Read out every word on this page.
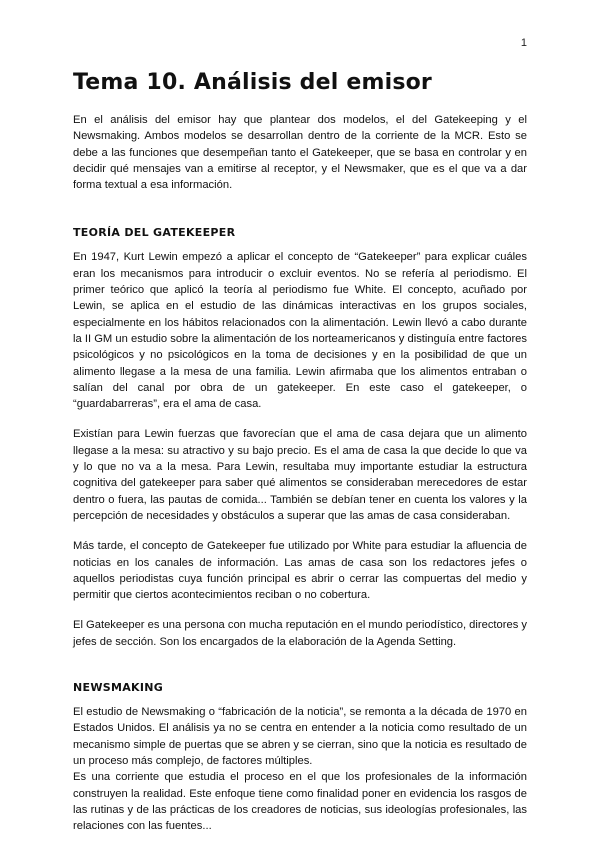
1
Tema 10. Análisis del emisor

En el análisis del emisor hay que plantear dos modelos, el del Gatekeeping y el Newsmaking. Ambos modelos se desarrollan dentro de la corriente de la MCR. Esto se debe a las funciones que desempeñan tanto el Gatekeeper, que se basa en controlar y en decidir qué mensajes van a emitirse al receptor, y el Newsmaker, que es el que va a dar forma textual a esa información.

TEORÍA DEL GATEKEEPER

En 1947, Kurt Lewin empezó a aplicar el concepto de “Gatekeeper” para explicar cuáles eran los mecanismos para introducir o excluir eventos. No se refería al periodismo. El primer teórico que aplicó la teoría al periodismo fue White. El concepto, acuñado por Lewin, se aplica en el estudio de las dinámicas interactivas en los grupos sociales, especialmente en los hábitos relacionados con la alimentación. Lewin llevó a cabo durante la II GM un estudio sobre la alimentación de los norteamericanos y distinguía entre factores psicológicos y no psicológicos en la toma de decisiones y en la posibilidad de que un alimento llegase a la mesa de una familia. Lewin afirmaba que los alimentos entraban o salían del canal por obra de un gatekeeper. En este caso el gatekeeper, o “guardabarreras”, era el ama de casa.

Existían para Lewin fuerzas que favorecían que el ama de casa dejara que un alimento llegase a la mesa: su atractivo y su bajo precio. Es el ama de casa la que decide lo que va y lo que no va a la mesa. Para Lewin, resultaba muy importante estudiar la estructura cognitiva del gatekeeper para saber qué alimentos se consideraban merecedores de estar dentro o fuera, las pautas de comida... También se debían tener en cuenta los valores y la percepción de necesidades y obstáculos a superar que las amas de casa consideraban.

Más tarde, el concepto de Gatekeeper fue utilizado por White para estudiar la afluencia de noticias en los canales de información. Las amas de casa son los redactores jefes o aquellos periodistas cuya función principal es abrir o cerrar las compuertas del medio y permitir que ciertos acontecimientos reciban o no cobertura.

El Gatekeeper es una persona con mucha reputación en el mundo periodístico, directores y jefes de sección. Son los encargados de la elaboración de la Agenda Setting.

NEWSMAKING

El estudio de Newsmaking o “fabricación de la noticia”, se remonta a la década de 1970 en Estados Unidos. El análisis ya no se centra en entender a la noticia como resultado de un mecanismo simple de puertas que se abren y se cierran, sino que la noticia es resultado de un proceso más complejo, de factores múltiples.

Es una corriente que estudia el proceso en el que los profesionales de la información construyen la realidad. Este enfoque tiene como finalidad poner en evidencia los rasgos de las rutinas y de las prácticas de los creadores de noticias, sus ideologías profesionales, las relaciones con las fuentes...
